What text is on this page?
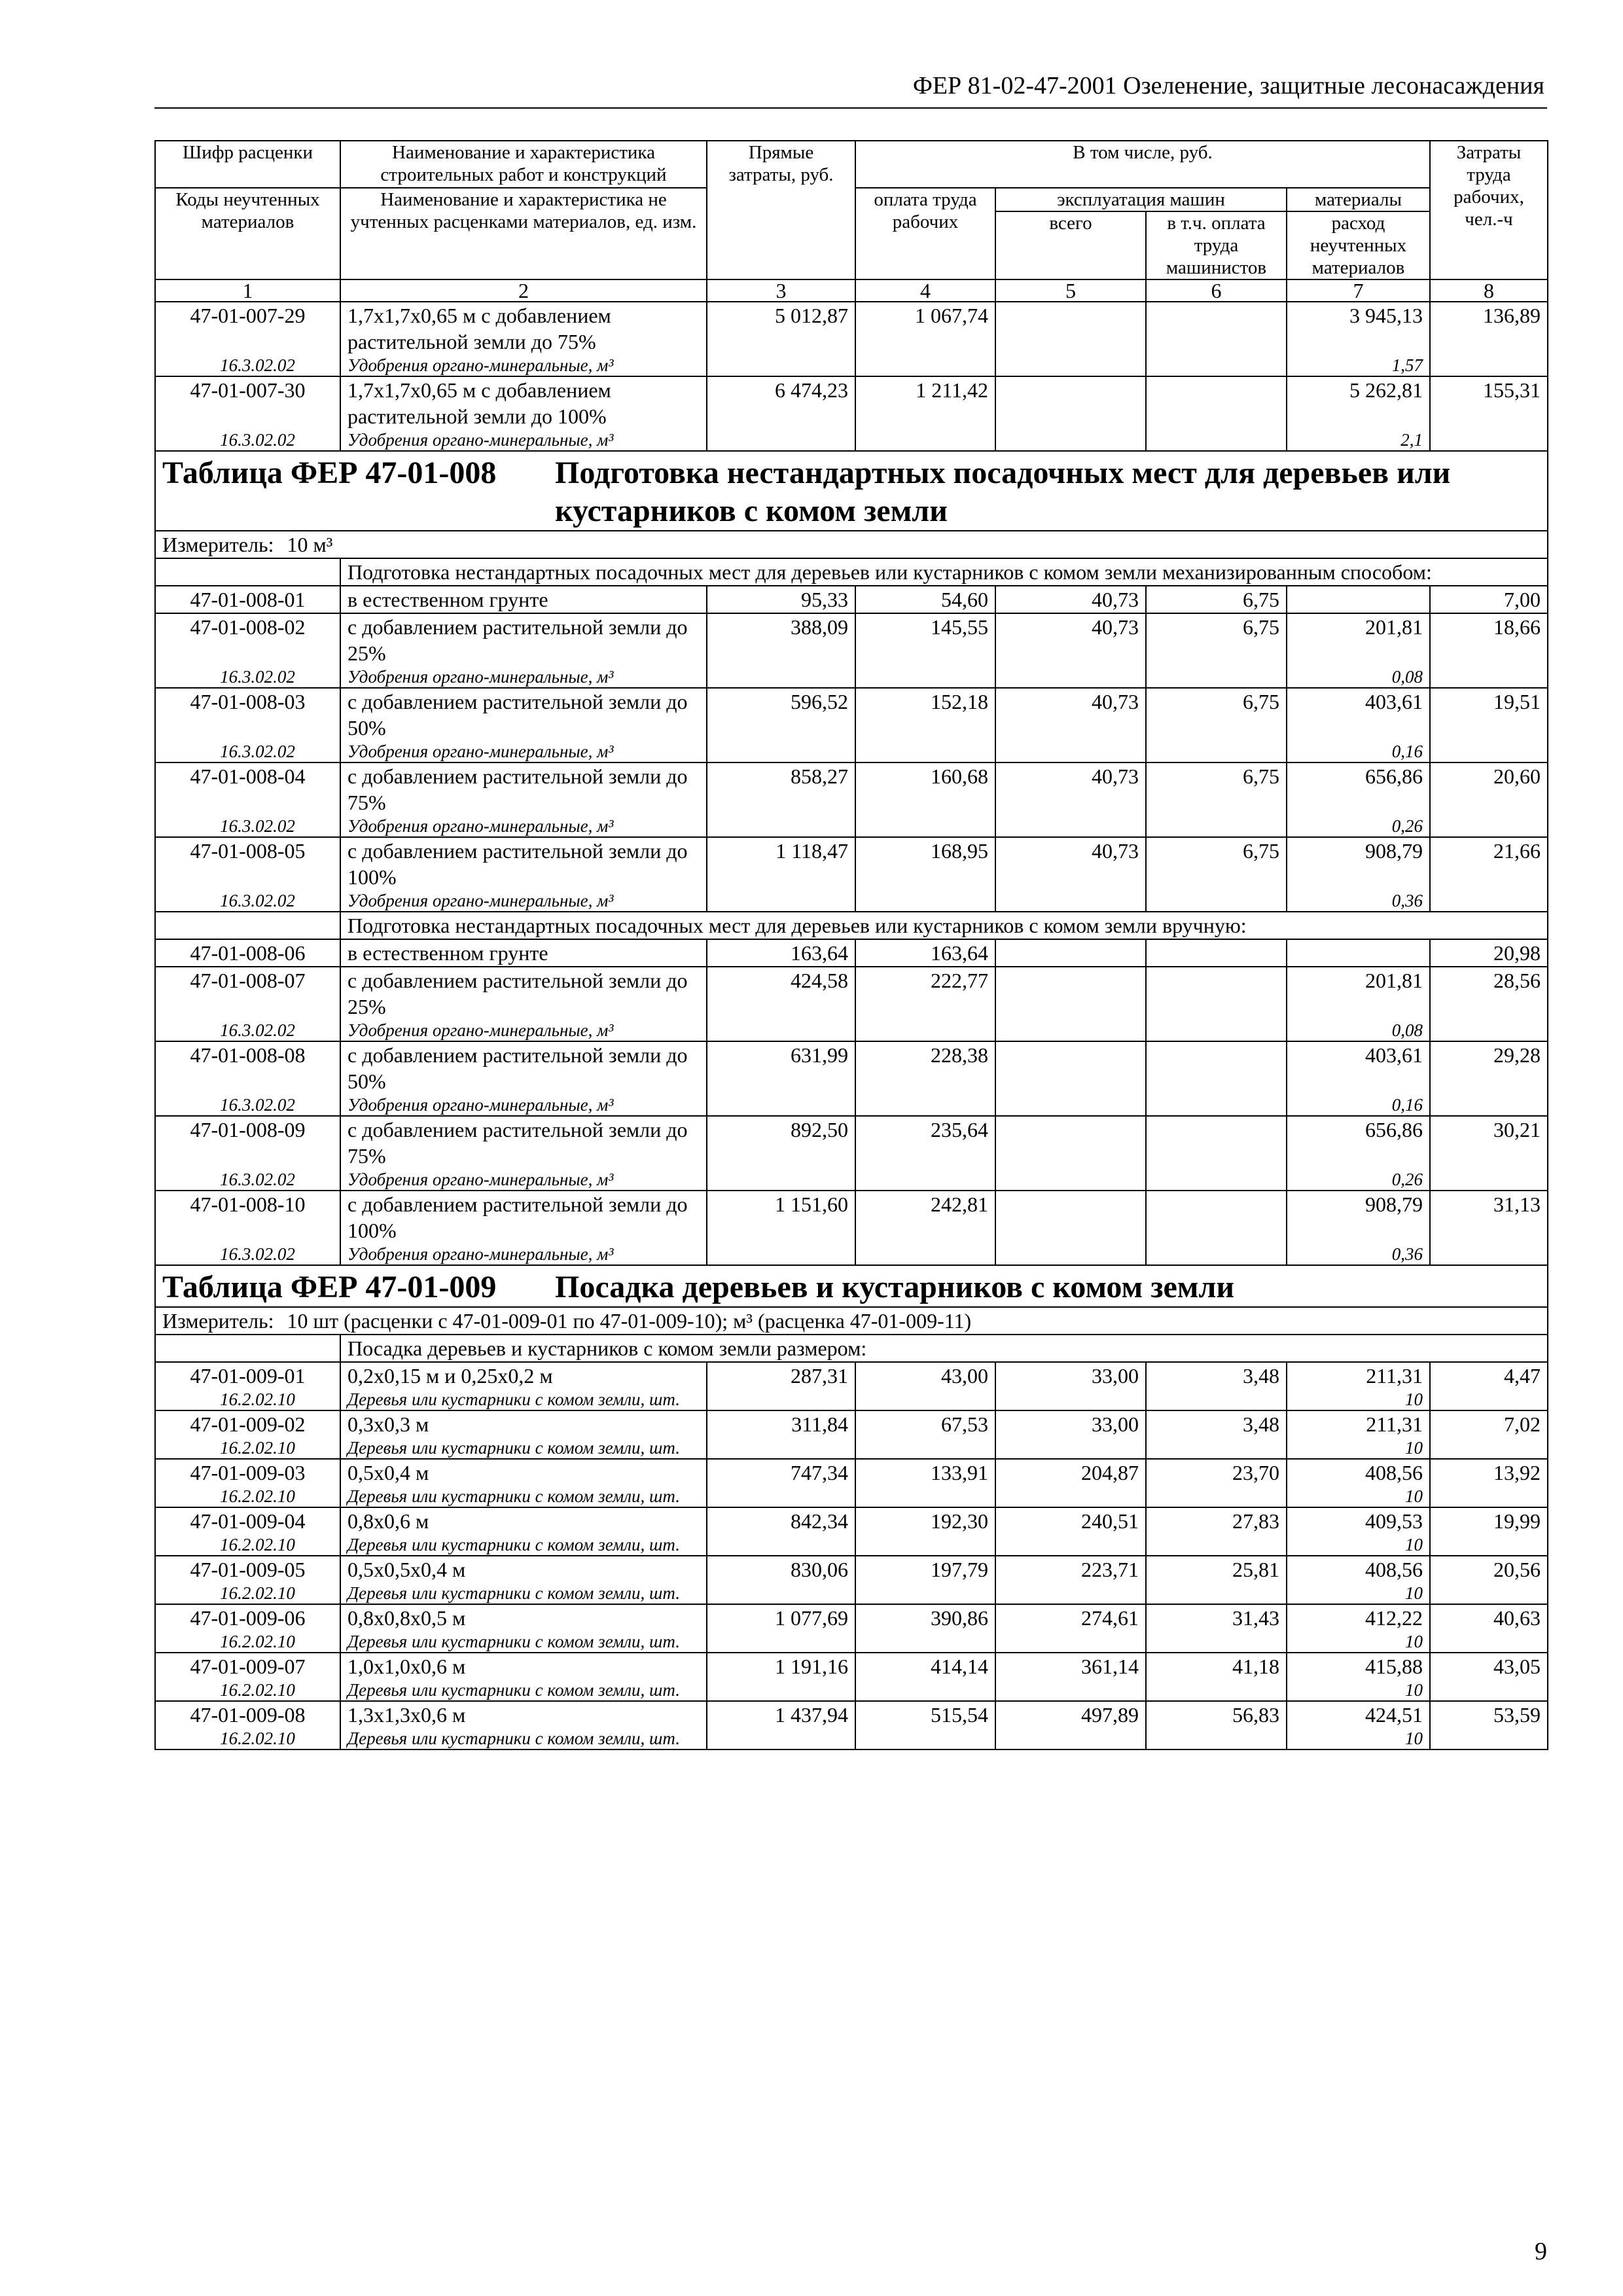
ФЕР 81-02-47-2001 Озеленение, защитные лесонасаждения
Шифр расценки	Наименование и характеристика строительных работ и конструкций	Прямые затраты, руб.	В том числе, руб.				Затраты труда рабочих, чел.-ч
Коды неучтенных материалов	Наименование и характеристика не учтенных расценками материалов, ед. изм.						
			оплата труда рабочих	эксплуатация машин		материалы	
				всего	в т.ч. оплата труда машинистов	расход неучтенных материалов	
1	2	3	4	5	6	7	8
47-01-007-29	1,7х1,7х0,65 м с добавлением растительной земли до 75%	5 012,87	1 067,74			3 945,13	136,89
16.3.02.02	Удобрения органо-минеральные, м³					1,57	
47-01-007-30	1,7х1,7х0,65 м с добавлением растительной земли до 100%	6 474,23	1 211,42			5 262,81	155,31
16.3.02.02	Удобрения органо-минеральные, м³					2,1	
Таблица ФЕР 47-01-008 Подготовка нестандартных посадочных мест для деревьев или кустарников с комом земли							
Измеритель: 10 м³							
	Подготовка нестандартных посадочных мест для деревьев или кустарников с комом земли механизированным способом:						
47-01-008-01	в естественном грунте	95,33	54,60	40,73	6,75		7,00
47-01-008-02	с добавлением растительной земли до 25%	388,09	145,55	40,73	6,75	201,81	18,66
16.3.02.02	Удобрения органо-минеральные, м³					0,08	
47-01-008-03	с добавлением растительной земли до 50%	596,52	152,18	40,73	6,75	403,61	19,51
16.3.02.02	Удобрения органо-минеральные, м³					0,16	
47-01-008-04	с добавлением растительной земли до 75%	858,27	160,68	40,73	6,75	656,86	20,60
16.3.02.02	Удобрения органо-минеральные, м³					0,26	
47-01-008-05	с добавлением растительной земли до 100%	1 118,47	168,95	40,73	6,75	908,79	21,66
16.3.02.02	Удобрения органо-минеральные, м³					0,36	
	Подготовка нестандартных посадочных мест для деревьев или кустарников с комом земли вручную:						
47-01-008-06	в естественном грунте	163,64	163,64				20,98
47-01-008-07	с добавлением растительной земли до 25%	424,58	222,77			201,81	28,56
16.3.02.02	Удобрения органо-минеральные, м³					0,08	
47-01-008-08	с добавлением растительной земли до 50%	631,99	228,38			403,61	29,28
16.3.02.02	Удобрения органо-минеральные, м³					0,16	
47-01-008-09	с добавлением растительной земли до 75%	892,50	235,64			656,86	30,21
16.3.02.02	Удобрения органо-минеральные, м³					0,26	
47-01-008-10	с добавлением растительной земли до 100%	1 151,60	242,81			908,79	31,13
16.3.02.02	Удобрения органо-минеральные, м³					0,36	
Таблица ФЕР 47-01-009 Посадка деревьев и кустарников с комом земли							
Измеритель: 10 шт (расценки с 47-01-009-01 по 47-01-009-10); м³ (расценка 47-01-009-11)							
	Посадка деревьев и кустарников с комом земли размером:						
47-01-009-01	0,2х0,15 м и 0,25х0,2 м	287,31	43,00	33,00	3,48	211,31	4,47
16.2.02.10	Деревья или кустарники с комом земли, шт.					10	
47-01-009-02	0,3х0,3 м	311,84	67,53	33,00	3,48	211,31	7,02
16.2.02.10	Деревья или кустарники с комом земли, шт.					10	
47-01-009-03	0,5х0,4 м	747,34	133,91	204,87	23,70	408,56	13,92
16.2.02.10	Деревья или кустарники с комом земли, шт.					10	
47-01-009-04	0,8х0,6 м	842,34	192,30	240,51	27,83	409,53	19,99
16.2.02.10	Деревья или кустарники с комом земли, шт.					10	
47-01-009-05	0,5х0,5х0,4 м	830,06	197,79	223,71	25,81	408,56	20,56
16.2.02.10	Деревья или кустарники с комом земли, шт.					10	
47-01-009-06	0,8х0,8х0,5 м	1 077,69	390,86	274,61	31,43	412,22	40,63
16.2.02.10	Деревья или кустарники с комом земли, шт.					10	
47-01-009-07	1,0х1,0х0,6 м	1 191,16	414,14	361,14	41,18	415,88	43,05
16.2.02.10	Деревья или кустарники с комом земли, шт.					10	
47-01-009-08	1,3х1,3х0,6 м	1 437,94	515,54	497,89	56,83	424,51	53,59
16.2.02.10	Деревья или кустарники с комом земли, шт.					10	
9
